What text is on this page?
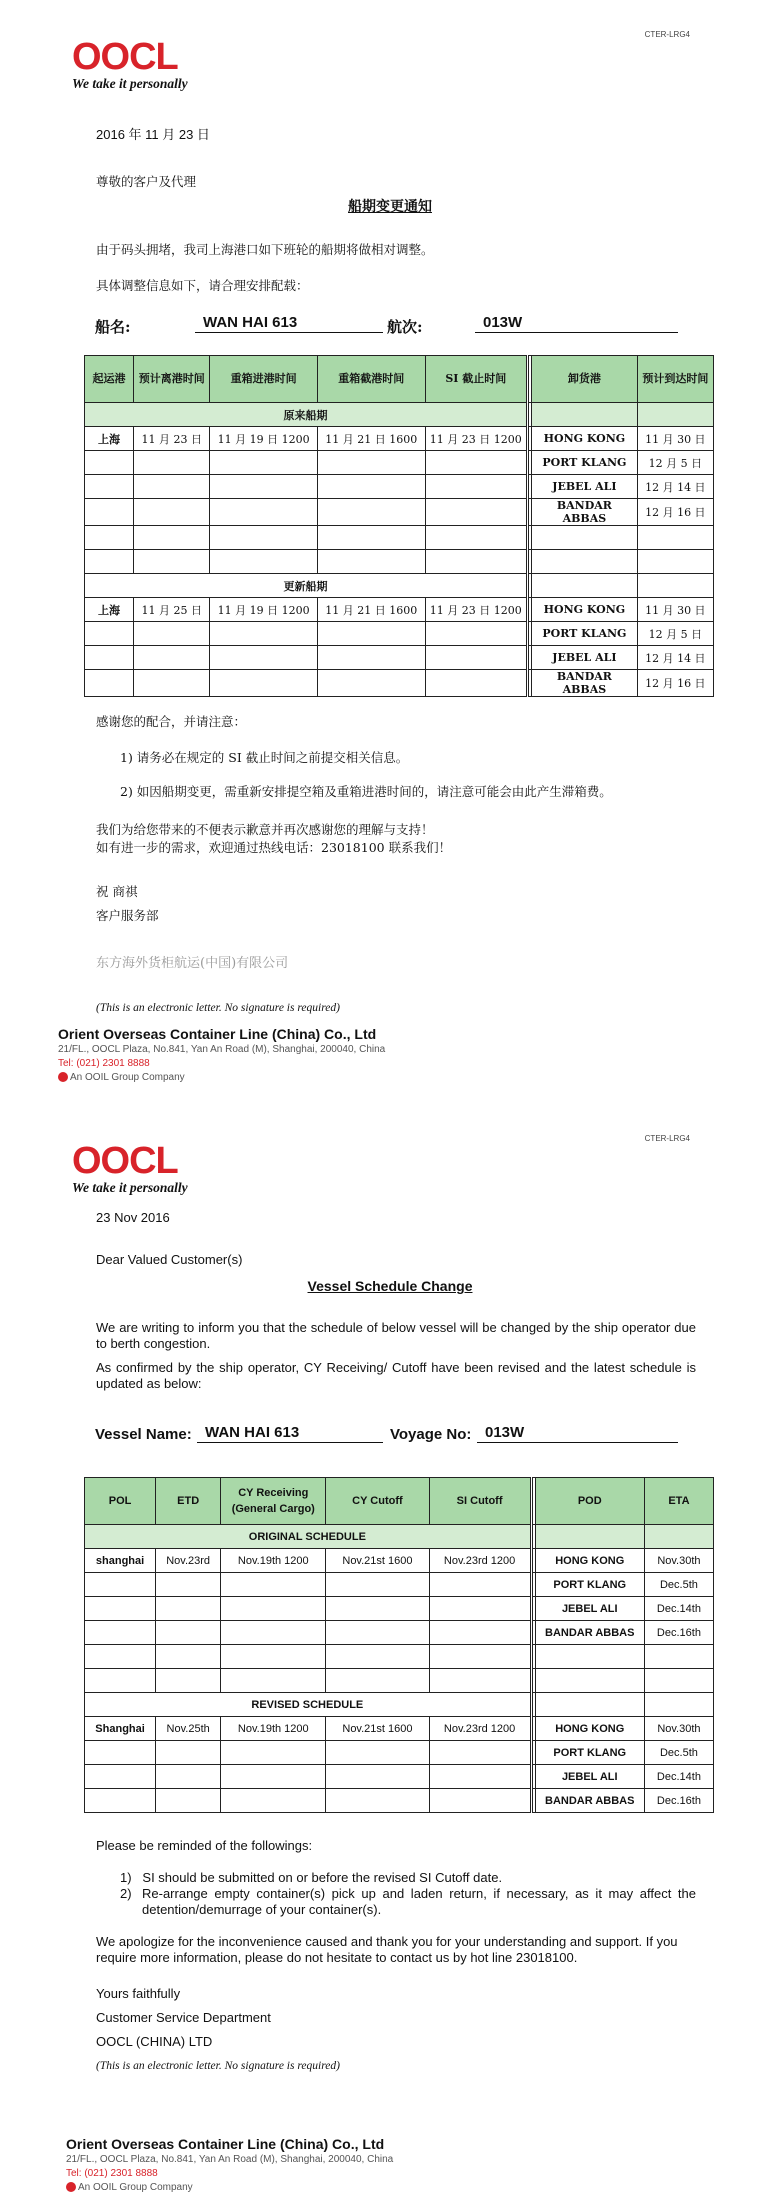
OOCL
We take it personally
CTER-LRG4
2016 年 11 月 23 日
尊敬的客户及代理
船期变更通知
由于码头拥堵，我司上海港口如下班轮的船期将做相对调整。
具体调整信息如下，请合理安排配载：
船名:	WAN HAI 613	航次:	013W
起运港	预计离港时间	重箱进港时间	重箱截港时间	SI 截止时间		卸货港	预计到达时间
原来船期							
上海	11 月 23 日	11 月 19 日 1200	11 月 21 日 1600	11 月 23 日 1200		HONG KONG	11 月 30 日
						PORT KLANG	12 月 5 日
						JEBEL ALI	12 月 14 日
						BANDAR ABBAS	12 月 16 日

更新船期							
上海	11 月 25 日	11 月 19 日 1200	11 月 21 日 1600	11 月 23 日 1200		HONG KONG	11 月 30 日
						PORT KLANG	12 月 5 日
						JEBEL ALI	12 月 14 日
						BANDAR ABBAS	12 月 16 日
感谢您的配合，并请注意：
1) 请务必在规定的 SI 截止时间之前提交相关信息。
2) 如因船期变更，需重新安排提空箱及重箱进港时间的，请注意可能会由此产生滞箱费。
我们为给您带来的不便表示歉意并再次感谢您的理解与支持！
如有进一步的需求，欢迎通过热线电话：23018100 联系我们！
祝 商祺
客户服务部
东方海外货柜航运(中国)有限公司
(This is an electronic letter. No signature is required)
Orient Overseas Container Line (China) Co., Ltd
21/FL., OOCL Plaza, No.841, Yan An Road (M), Shanghai, 200040, China
Tel: (021) 2301 8888
An OOIL Group Company
OOCL
We take it personally
CTER-LRG4
23 Nov 2016
Dear Valued Customer(s)
Vessel Schedule Change
We are writing to inform you that the schedule of below vessel will be changed by the ship operator due to berth congestion.
As confirmed by the ship operator, CY Receiving/ Cutoff have been revised and the latest schedule is updated as below:
Vessel Name: WAN HAI 613	Voyage No: 013W
POL	ETD	CY Receiving (General Cargo)	CY Cutoff	SI Cutoff		POD	ETA
ORIGINAL SCHEDULE							
shanghai	Nov.23rd	Nov.19th 1200	Nov.21st 1600	Nov.23rd 1200		HONG KONG	Nov.30th
						PORT KLANG	Dec.5th
						JEBEL ALI	Dec.14th
						BANDAR ABBAS	Dec.16th

REVISED SCHEDULE							
Shanghai	Nov.25th	Nov.19th 1200	Nov.21st 1600	Nov.23rd 1200		HONG KONG	Nov.30th
						PORT KLANG	Dec.5th
						JEBEL ALI	Dec.14th
						BANDAR ABBAS	Dec.16th
Please be reminded of the followings:
1)   SI should be submitted on or before the revised SI Cutoff date.
2) Re-arrange empty container(s) pick up and laden return, if necessary, as it may affect the detention/demurrage of your container(s).
We apologize for the inconvenience caused and thank you for your understanding and support. If you require more information, please do not hesitate to contact us by hot line 23018100.
Yours faithfully
Customer Service Department
OOCL (CHINA) LTD
(This is an electronic letter. No signature is required)
Orient Overseas Container Line (China) Co., Ltd
21/FL., OOCL Plaza, No.841, Yan An Road (M), Shanghai, 200040, China
Tel: (021) 2301 8888
An OOIL Group Company
